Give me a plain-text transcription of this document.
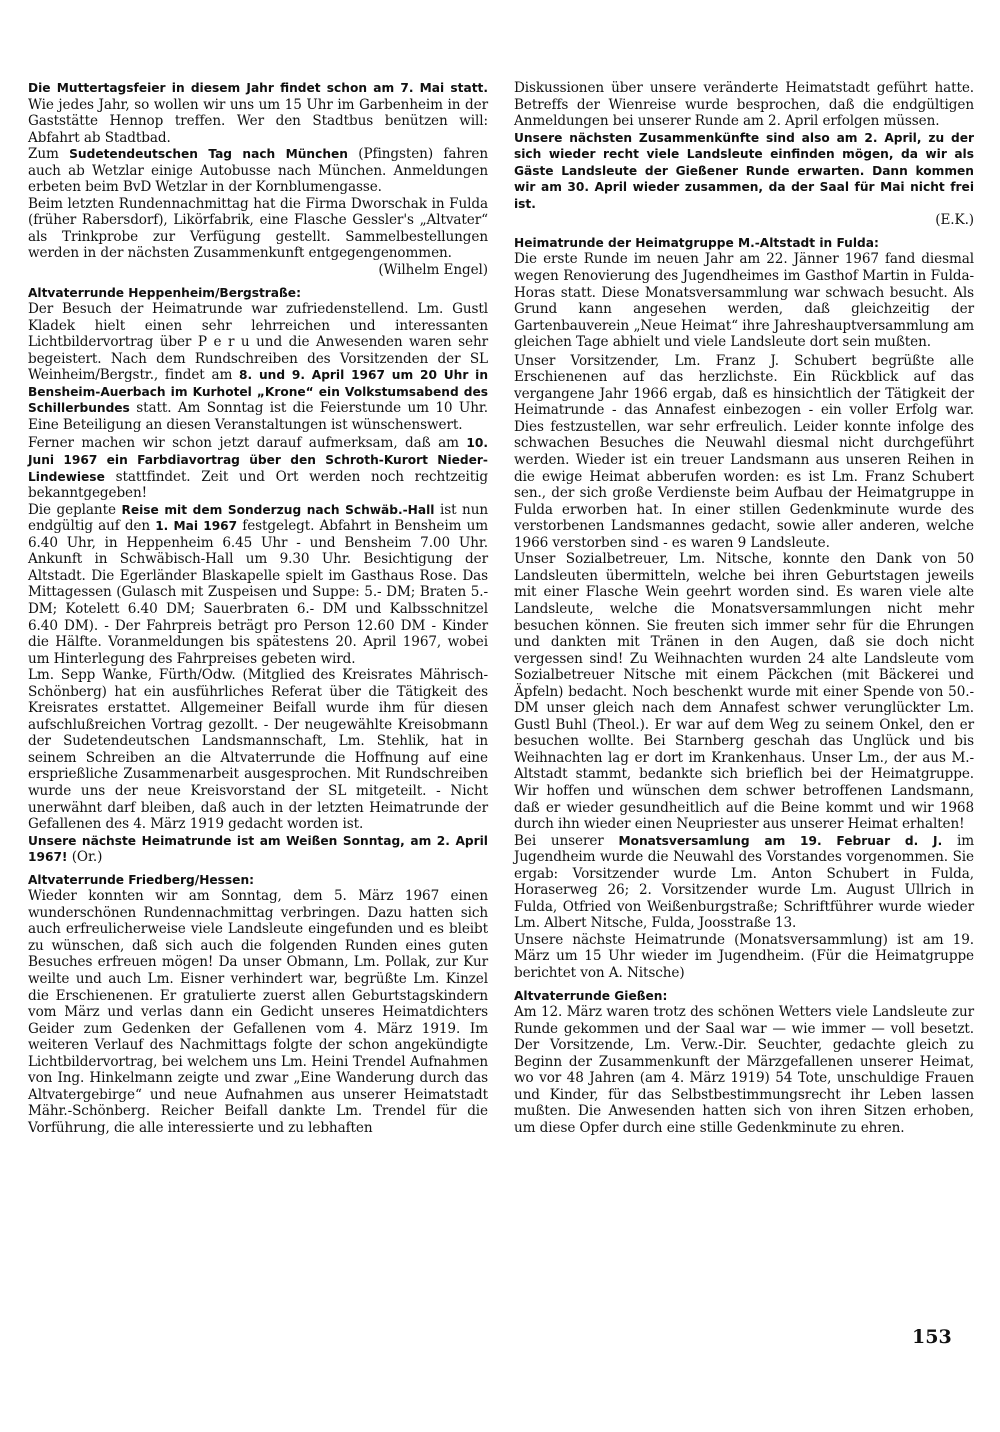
Die Muttertagsfeier in diesem Jahr findet schon am 7. Mai statt. Wie jedes Jahr, so wollen wir uns um 15 Uhr im Garbenheim in der Gaststätte Hennop treffen. Wer den Stadtbus benützen will: Abfahrt ab Stadtbad.

Zum Sudetendeutschen Tag nach München (Pfingsten) fahren auch ab Wetzlar einige Autobusse nach München. Anmeldungen erbeten beim BvD Wetzlar in der Kornblumengasse.

Beim letzten Rundennachmittag hat die Firma Dworschak in Fulda (früher Rabersdorf), Likörfabrik, eine Flasche Gessler's „Altvater“ als Trinkprobe zur Verfügung gestellt. Sammelbestellungen werden in der nächsten Zusammenkunft entgegengenommen.
(Wilhelm Engel)

Altvaterrunde Heppenheim/Bergstraße:

Der Besuch der Heimatrunde war zufriedenstellend. Lm. Gustl Kladek hielt einen sehr lehrreichen und interessanten Lichtbildervortrag über P e r u und die Anwesenden waren sehr begeistert. Nach dem Rundschreiben des Vorsitzenden der SL Weinheim/Bergstr., findet am 8. und 9. April 1967 um 20 Uhr in Bensheim-Auerbach im Kurhotel „Krone“ ein Volkstumsabend des Schillerbundes statt. Am Sonntag ist die Feierstunde um 10 Uhr. Eine Beteiligung an diesen Veranstaltungen ist wünschenswert.

Ferner machen wir schon jetzt darauf aufmerksam, daß am 10. Juni 1967 ein Farbdiavortrag über den Schroth-Kurort Nieder-Lindewiese stattfindet. Zeit und Ort werden noch rechtzeitig bekanntgegeben!

Die geplante Reise mit dem Sonderzug nach Schwäb.-Hall ist nun endgültig auf den 1. Mai 1967 festgelegt. Abfahrt in Bensheim um 6.40 Uhr, in Heppenheim 6.45 Uhr - und Bensheim 7.00 Uhr. Ankunft in Schwäbisch-Hall um 9.30 Uhr. Besichtigung der Altstadt. Die Egerländer Blaskapelle spielt im Gasthaus Rose. Das Mittagessen (Gulasch mit Zuspeisen und Suppe: 5.- DM; Braten 5.- DM; Kotelett 6.40 DM; Sauerbraten 6.- DM und Kalbsschnitzel 6.40 DM). - Der Fahrpreis beträgt pro Person 12.60 DM - Kinder die Hälfte. Voranmeldungen bis spätestens 20. April 1967, wobei um Hinterlegung des Fahrpreises gebeten wird.

Lm. Sepp Wanke, Fürth/Odw. (Mitglied des Kreisrates Mährisch-Schönberg) hat ein ausführliches Referat über die Tätigkeit des Kreisrates erstattet. Allgemeiner Beifall wurde ihm für diesen aufschlußreichen Vortrag gezollt. - Der neugewählte Kreisobmann der Sudetendeutschen Landsmannschaft, Lm. Stehlik, hat in seinem Schreiben an die Altvaterrunde die Hoffnung auf eine ersprießliche Zusammenarbeit ausgesprochen. Mit Rundschreiben wurde uns der neue Kreisvorstand der SL mitgeteilt. - Nicht unerwähnt darf bleiben, daß auch in der letzten Heimatrunde der Gefallenen des 4. März 1919 gedacht worden ist.

Unsere nächste Heimatrunde ist am Weißen Sonntag, am 2. April 1967! (Or.)

Altvaterrunde Friedberg/Hessen:

Wieder konnten wir am Sonntag, dem 5. März 1967 einen wunderschönen Rundennachmittag verbringen. Dazu hatten sich auch erfreulicherweise viele Landsleute eingefunden und es bleibt zu wünschen, daß sich auch die folgenden Runden eines guten Besuches erfreuen mögen! Da unser Obmann, Lm. Pollak, zur Kur weilte und auch Lm. Eisner verhindert war, begrüßte Lm. Kinzel die Erschienenen. Er gratulierte zuerst allen Geburtstagskindern vom März und verlas dann ein Gedicht unseres Heimatdichters Geider zum Gedenken der Gefallenen vom 4. März 1919. Im weiteren Verlauf des Nachmittags folgte der schon angekündigte Lichtbildervortrag, bei welchem uns Lm. Heini Trendel Aufnahmen von Ing. Hinkelmann zeigte und zwar „Eine Wanderung durch das Altvatergebirge“ und neue Aufnahmen aus unserer Heimatstadt Mähr.-Schönberg. Reicher Beifall dankte Lm. Trendel für die Vorführung, die alle interessierte und zu lebhaften

Diskussionen über unsere veränderte Heimatstadt geführt hatte. Betreffs der Wienreise wurde besprochen, daß die endgültigen Anmeldungen bei unserer Runde am 2. April erfolgen müssen.

Unsere nächsten Zusammenkünfte sind also am 2. April, zu der sich wieder recht viele Landsleute einfinden mögen, da wir als Gäste Landsleute der Gießener Runde erwarten. Dann kommen wir am 30. April wieder zusammen, da der Saal für Mai nicht frei ist.
(E.K.)

Heimatrunde der Heimatgruppe M.-Altstadt in Fulda:

Die erste Runde im neuen Jahr am 22. Jänner 1967 fand diesmal wegen Renovierung des Jugendheimes im Gasthof Martin in Fulda-Horas statt. Diese Monatsversammlung war schwach besucht. Als Grund kann angesehen werden, daß gleichzeitig der Gartenbauverein „Neue Heimat“ ihre Jahreshauptversammlung am gleichen Tage abhielt und viele Landsleute dort sein mußten.

Unser Vorsitzender, Lm. Franz J. Schubert begrüßte alle Erschienenen auf das herzlichste. Ein Rückblick auf das vergangene Jahr 1966 ergab, daß es hinsichtlich der Tätigkeit der Heimatrunde - das Annafest einbezogen - ein voller Erfolg war. Dies festzustellen, war sehr erfreulich. Leider konnte infolge des schwachen Besuches die Neuwahl diesmal nicht durchgeführt werden. Wieder ist ein treuer Landsmann aus unseren Reihen in die ewige Heimat abberufen worden: es ist Lm. Franz Schubert sen., der sich große Verdienste beim Aufbau der Heimatgruppe in Fulda erworben hat. In einer stillen Gedenkminute wurde des verstorbenen Landsmannes gedacht, sowie aller anderen, welche 1966 verstorben sind - es waren 9 Landsleute.

Unser Sozialbetreuer, Lm. Nitsche, konnte den Dank von 50 Landsleuten übermitteln, welche bei ihren Geburtstagen jeweils mit einer Flasche Wein geehrt worden sind. Es waren viele alte Landsleute, welche die Monatsversammlungen nicht mehr besuchen können. Sie freuten sich immer sehr für die Ehrungen und dankten mit Tränen in den Augen, daß sie doch nicht vergessen sind! Zu Weihnachten wurden 24 alte Landsleute vom Sozialbetreuer Nitsche mit einem Päckchen (mit Bäckerei und Äpfeln) bedacht. Noch beschenkt wurde mit einer Spende von 50.- DM unser gleich nach dem Annafest schwer verunglückter Lm. Gustl Buhl (Theol.). Er war auf dem Weg zu seinem Onkel, den er besuchen wollte. Bei Starnberg geschah das Unglück und bis Weihnachten lag er dort im Krankenhaus. Unser Lm., der aus M.-Altstadt stammt, bedankte sich brieflich bei der Heimatgruppe. Wir hoffen und wünschen dem schwer betroffenen Landsmann, daß er wieder gesundheitlich auf die Beine kommt und wir 1968 durch ihn wieder einen Neupriester aus unserer Heimat erhalten!

Bei unserer Monatsversamlung am 19. Februar d. J. im Jugendheim wurde die Neuwahl des Vorstandes vorgenommen. Sie ergab: Vorsitzender wurde Lm. Anton Schubert in Fulda, Horaserweg 26; 2. Vorsitzender wurde Lm. August Ullrich in Fulda, Otfried von Weißenburgstraße; Schriftführer wurde wieder Lm. Albert Nitsche, Fulda, Joosstraße 13.

Unsere nächste Heimatrunde (Monatsversammlung) ist am 19. März um 15 Uhr wieder im Jugendheim. (Für die Heimatgruppe berichtet von A. Nitsche)

Altvaterrunde Gießen:

Am 12. März waren trotz des schönen Wetters viele Landsleute zur Runde gekommen und der Saal war — wie immer — voll besetzt. Der Vorsitzende, Lm. Verw.-Dir. Seuchter, gedachte gleich zu Beginn der Zusammenkunft der Märzgefallenen unserer Heimat, wo vor 48 Jahren (am 4. März 1919) 54 Tote, unschuldige Frauen und Kinder, für das Selbstbestimmungsrecht ihr Leben lassen mußten. Die Anwesenden hatten sich von ihren Sitzen erhoben, um diese Opfer durch eine stille Gedenkminute zu ehren.

153
